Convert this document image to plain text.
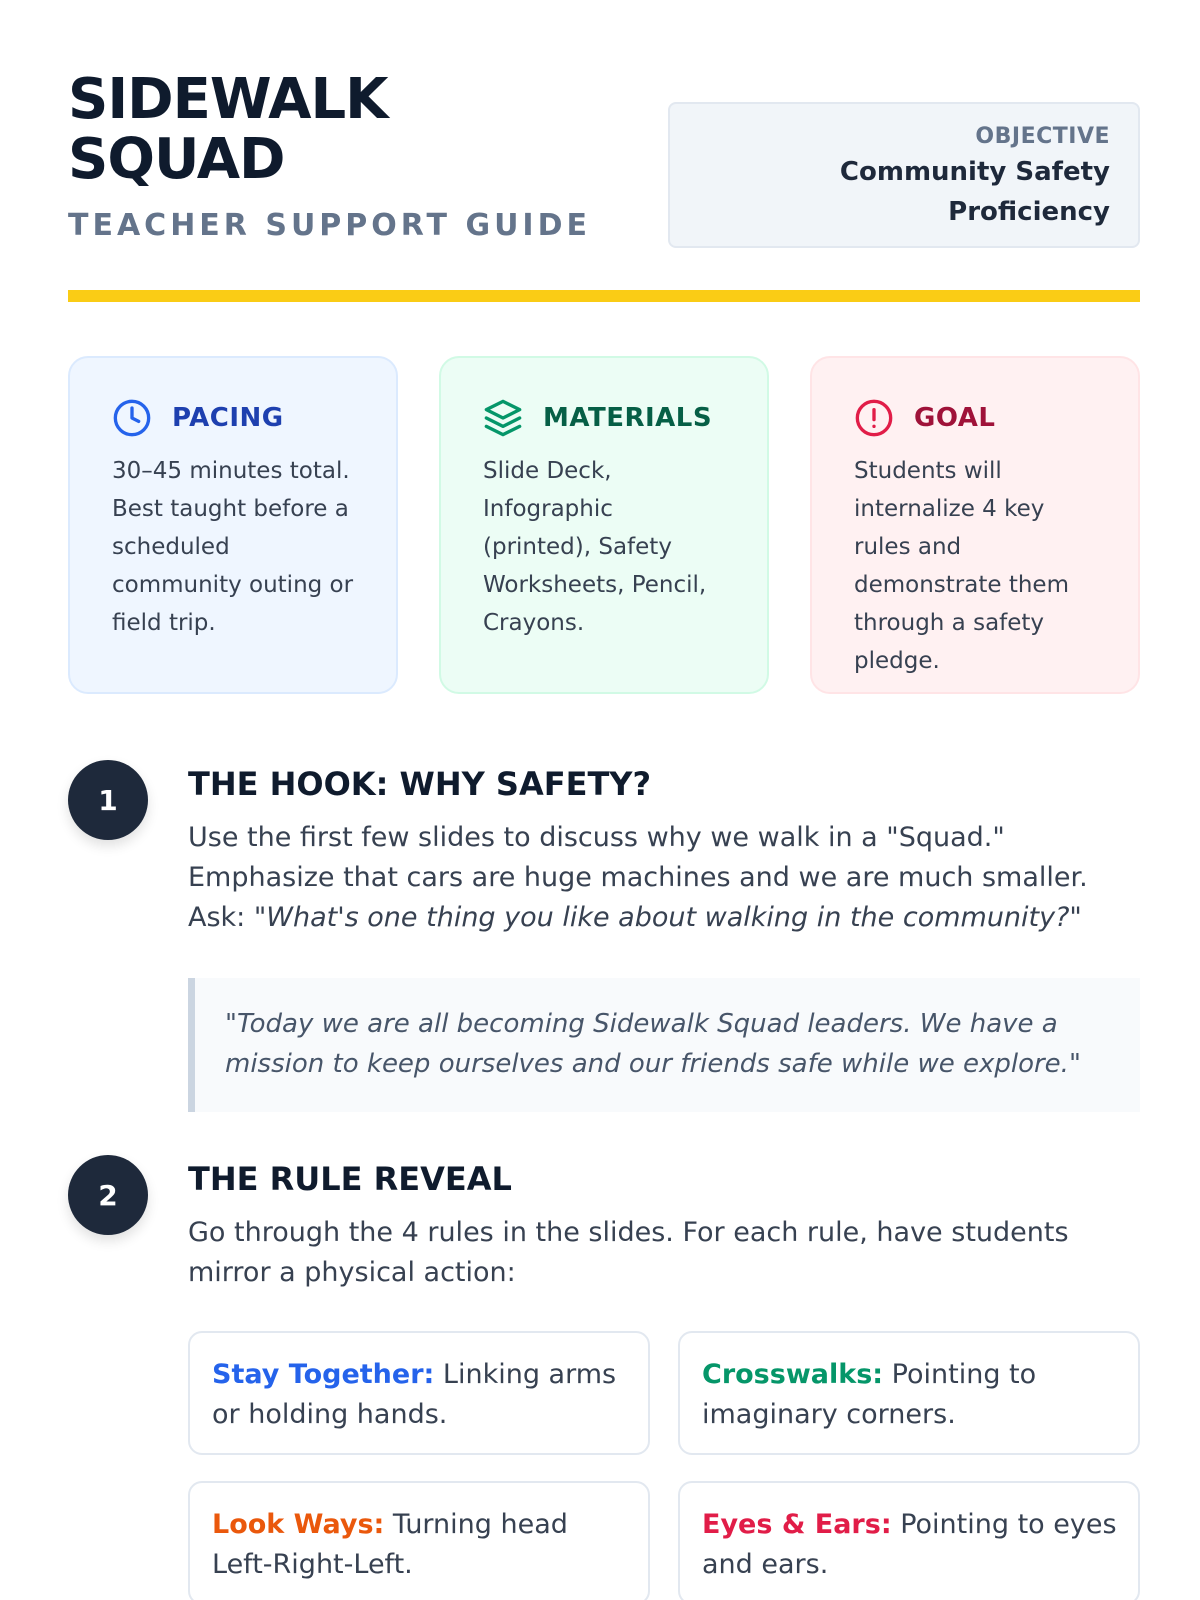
SIDEWALK
SQUAD
TEACHER SUPPORT GUIDE
OBJECTIVE
Community Safety
Proficiency
PACING
30–45 minutes total. Best taught before a scheduled community outing or field trip.
MATERIALS
Slide Deck, Infographic (printed), Safety Worksheets, Pencil, Crayons.
GOAL
Students will internalize 4 key rules and demonstrate them through a safety pledge.
1	THE HOOK: WHY SAFETY?
Use the first few slides to discuss why we walk in a "Squad." Emphasize that cars are huge machines and we are much smaller. Ask: "What's one thing you like about walking in the community?"
"Today we are all becoming Sidewalk Squad leaders. We have a mission to keep ourselves and our friends safe while we explore."
2	THE RULE REVEAL
Go through the 4 rules in the slides. For each rule, have students mirror a physical action:
Stay Together: Linking arms or holding hands.
Crosswalks: Pointing to imaginary corners.
Look Ways: Turning head Left-Right-Left.
Eyes & Ears: Pointing to eyes and ears.
